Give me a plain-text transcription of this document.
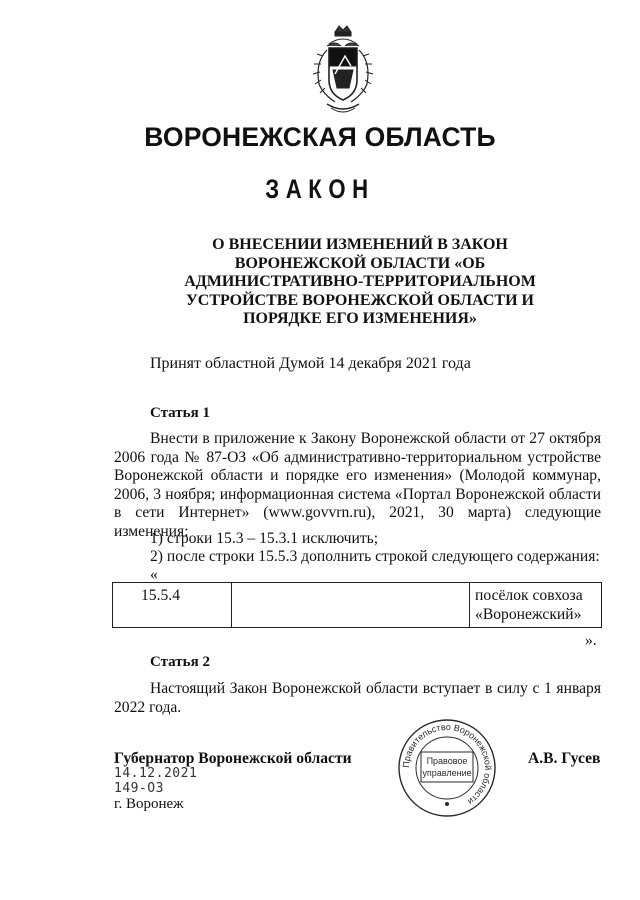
ВОРОНЕЖСКАЯ ОБЛАСТЬ
ЗАКОН
О ВНЕСЕНИИ ИЗМЕНЕНИЙ В ЗАКОН
ВОРОНЕЖСКОЙ ОБЛАСТИ «ОБ
АДМИНИСТРАТИВНО-ТЕРРИТОРИАЛЬНОМ
УСТРОЙСТВЕ ВОРОНЕЖСКОЙ ОБЛАСТИ И
ПОРЯДКЕ ЕГО ИЗМЕНЕНИЯ»
Принят областной Думой 14 декабря 2021 года
Статья 1
Внести в приложение к Закону Воронежской области от 27 октября 2006 года № 87-ОЗ «Об административно-территориальном устройстве Воронежской области и порядке его изменения» (Молодой коммунар, 2006, 3 ноября; информационная система «Портал Воронежской области в сети Интернет» (www.govvrn.ru), 2021, 30 марта) следующие изменения:
1) строки 15.3 – 15.3.1 исключить;
2) после строки 15.5.3 дополнить строкой следующего содержания:
«
15.5.4		посёлок совхоза
«Воронежский»
».
Статья 2
Настоящий Закон Воронежской области вступает в силу с 1 января 2022 года.
Губернатор Воронежской области
14.12.2021
149-ОЗ
г. Воронеж
Правительство Воронежской области
Правовое
управление
А.В. Гусев
